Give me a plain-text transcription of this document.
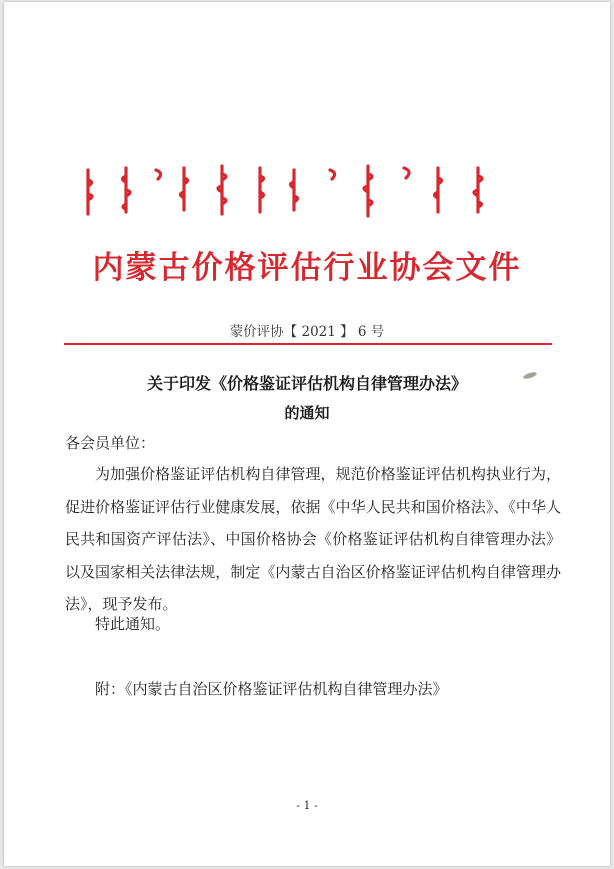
内蒙古价格评估行业协会文件
蒙价评协【 2021 】 6 号
关于印发《价格鉴证评估机构自律管理办法》
的通知
各会员单位：

为加强价格鉴证评估机构自律管理，规范价格鉴证评估机构执业行为，促进价格鉴证评估行业健康发展，依据《中华人民共和国价格法》、《中华人民共和国资产评估法》、中国价格协会《价格鉴证评估机构自律管理办法》以及国家相关法律法规，制定《内蒙古自治区价格鉴证评估机构自律管理办法》，现予发布。

特此通知。
附：《内蒙古自治区价格鉴证评估机构自律管理办法》
- 1 -
